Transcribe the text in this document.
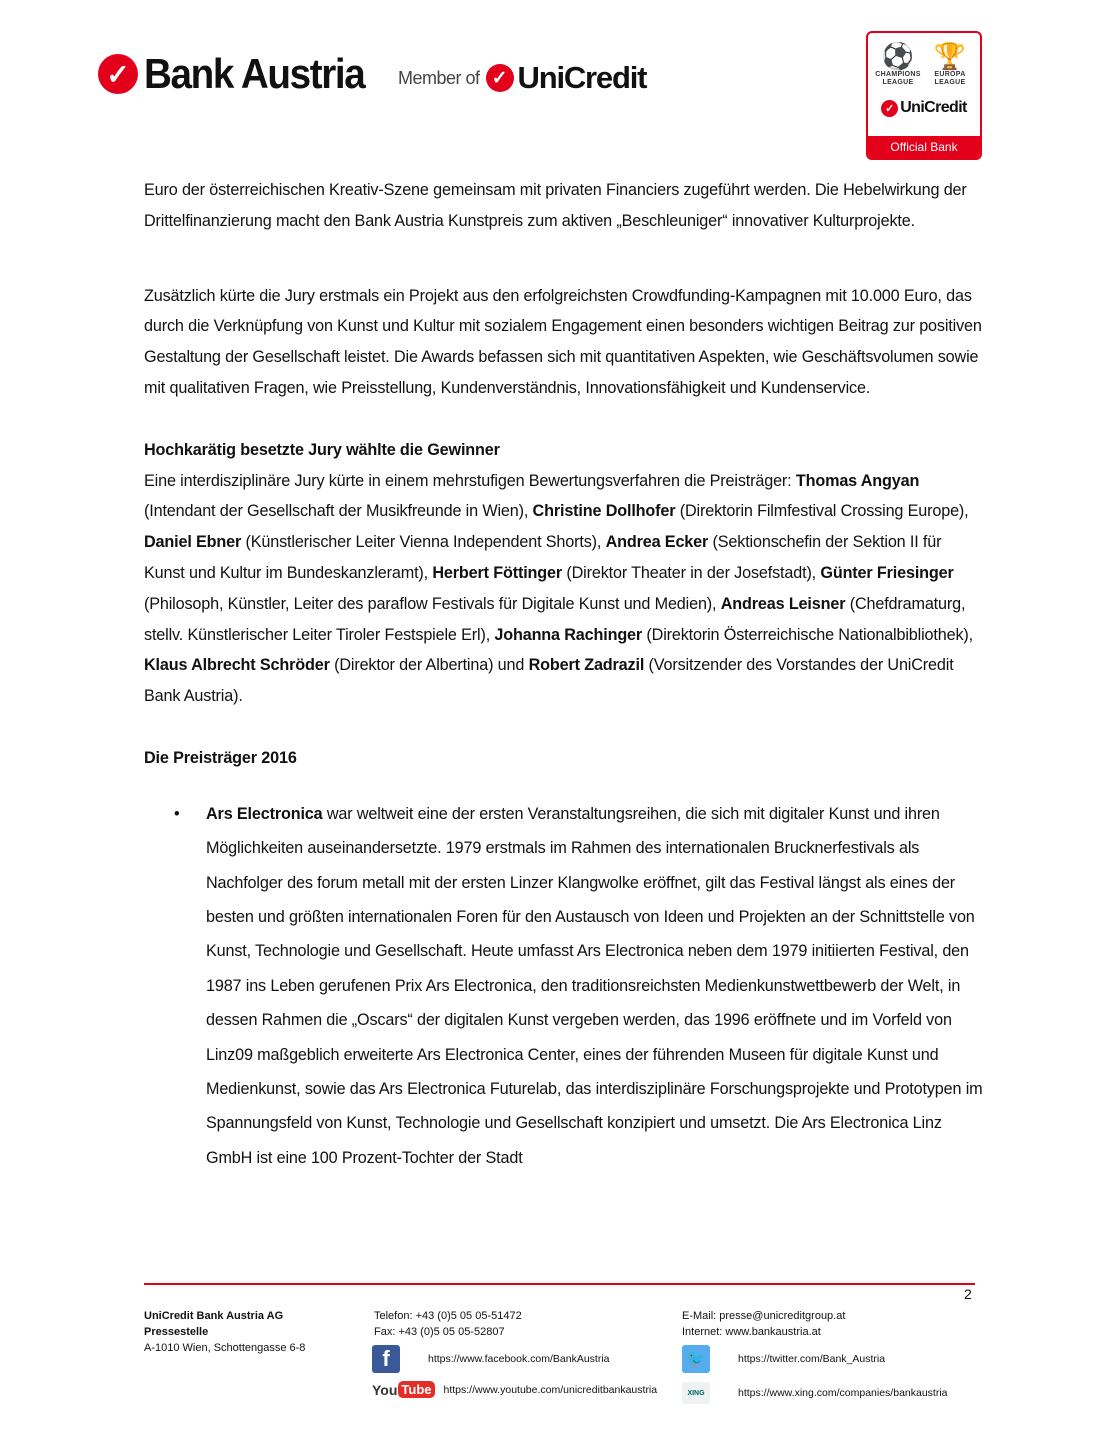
✓ Bank Austria Member of ✓ UniCredit
⚽
CHAMPIONS LEAGUE
🏆
EUROPA LEAGUE
✓ UniCredit
Official Bank

Euro der österreichischen Kreativ-Szene gemeinsam mit privaten Financiers zugeführt werden. Die Hebelwirkung der Drittelfinanzierung macht den Bank Austria Kunstpreis zum aktiven „Beschleuniger“ innovativer Kulturprojekte.

Zusätzlich kürte die Jury erstmals ein Projekt aus den erfolgreichsten Crowdfunding-Kampagnen mit 10.000 Euro, das durch die Verknüpfung von Kunst und Kultur mit sozialem Engagement einen besonders wichtigen Beitrag zur positiven Gestaltung der Gesellschaft leistet. Die Awards befassen sich mit quantitativen Aspekten, wie Geschäftsvolumen sowie mit qualitativen Fragen, wie Preisstellung, Kundenverständnis, Innovationsfähigkeit und Kundenservice.

Hochkarätig besetzte Jury wählte die Gewinner

Eine interdisziplinäre Jury kürte in einem mehrstufigen Bewertungsverfahren die Preisträger: Thomas Angyan (Intendant der Gesellschaft der Musikfreunde in Wien), Christine Dollhofer (Direktorin Filmfestival Crossing Europe), Daniel Ebner (Künstlerischer Leiter Vienna Independent Shorts), Andrea Ecker (Sektionschefin der Sektion II für Kunst und Kultur im Bundeskanzleramt), Herbert Föttinger (Direktor Theater in der Josefstadt), Günter Friesinger (Philosoph, Künstler, Leiter des paraflow Festivals für Digitale Kunst und Medien), Andreas Leisner (Chefdramaturg, stellv. Künstlerischer Leiter Tiroler Festspiele Erl), Johanna Rachinger (Direktorin Österreichische Nationalbibliothek), Klaus Albrecht Schröder (Direktor der Albertina) und Robert Zadrazil (Vorsitzender des Vorstandes der UniCredit Bank Austria).

Die Preisträger 2016

• Ars Electronica war weltweit eine der ersten Veranstaltungsreihen, die sich mit digitaler Kunst und ihren Möglichkeiten auseinandersetzte. 1979 erstmals im Rahmen des internationalen Brucknerfestivals als Nachfolger des forum metall mit der ersten Linzer Klangwolke eröffnet, gilt das Festival längst als eines der besten und größten internationalen Foren für den Austausch von Ideen und Projekten an der Schnittstelle von Kunst, Technologie und Gesellschaft. Heute umfasst Ars Electronica neben dem 1979 initiierten Festival, den 1987 ins Leben gerufenen Prix Ars Electronica, den traditionsreichsten Medienkunstwettbewerb der Welt, in dessen Rahmen die „Oscars“ der digitalen Kunst vergeben werden, das 1996 eröffnete und im Vorfeld von Linz09 maßgeblich erweiterte Ars Electronica Center, eines der führenden Museen für digitale Kunst und Medienkunst, sowie das Ars Electronica Futurelab, das interdisziplinäre Forschungsprojekte und Prototypen im Spannungsfeld von Kunst, Technologie und Gesellschaft konzipiert und umsetzt. Die Ars Electronica Linz GmbH ist eine 100 Prozent-Tochter der Stadt
2
UniCredit Bank Austria AG
Pressestelle
A-1010 Wien, Schottengasse 6-8
Telefon: +43 (0)5 05 05-51472
Fax: +43 (0)5 05 05-52807
E-Mail: presse@unicreditgroup.at
Internet: www.bankaustria.at
f	https://www.facebook.com/BankAustria	🐦	https://twitter.com/Bank_Austria
You Tube https://www.youtube.com/unicreditbankaustria	XING	https://www.xing.com/companies/bankaustria
